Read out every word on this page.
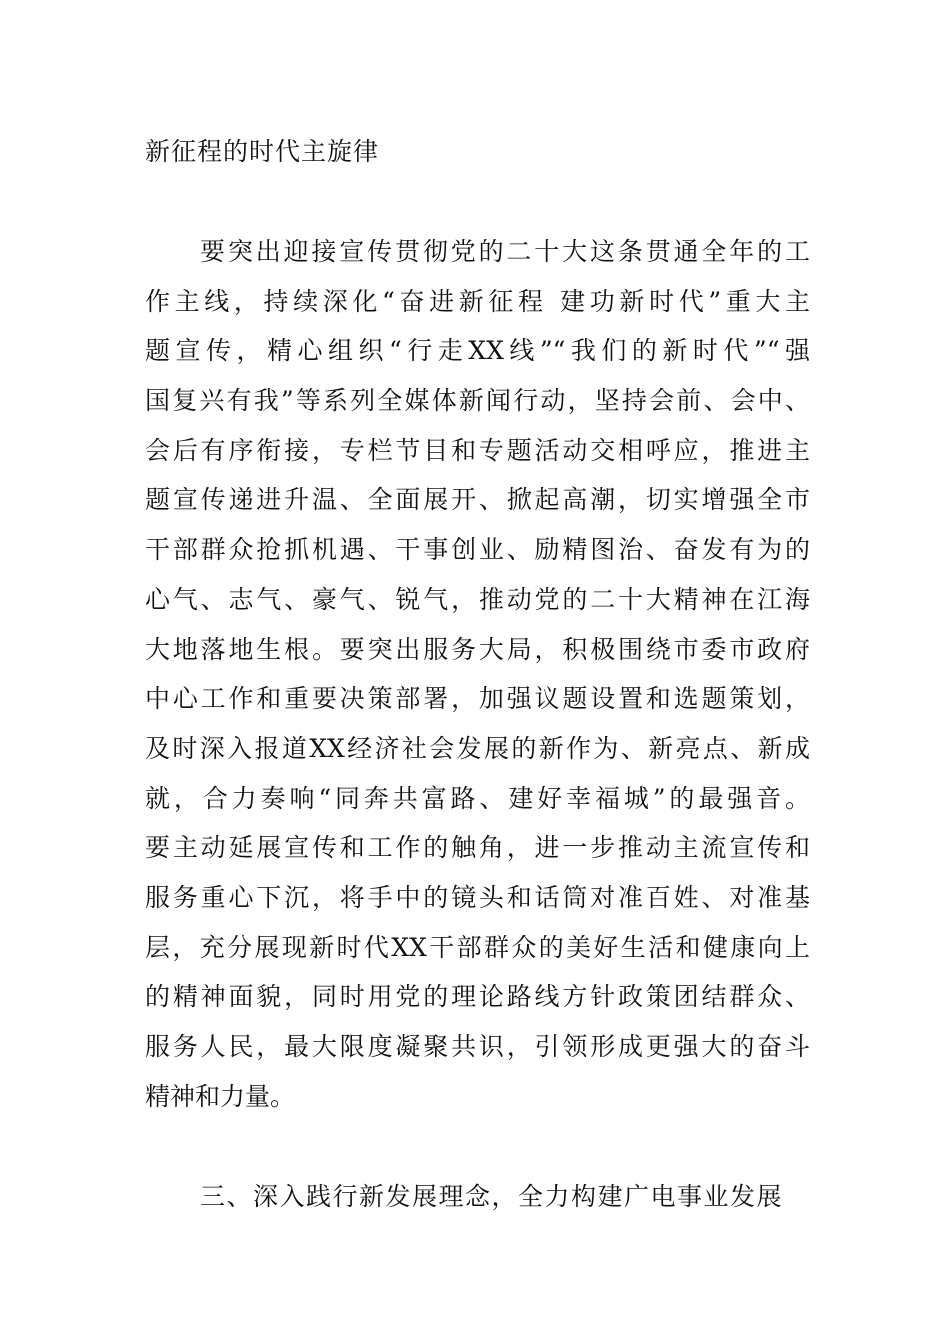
新征程的时代主旋律
要突出迎接宣传贯彻党的二十大这条贯通全年的工
作主线，持续深化“奋进新征程 建功新时代”重大主
题宣传，精心组织“行走XX线”“我们的新时代”“强
国复兴有我”等系列全媒体新闻行动，坚持会前、会中、
会后有序衔接，专栏节目和专题活动交相呼应，推进主
题宣传递进升温、全面展开、掀起高潮，切实增强全市
干部群众抢抓机遇、干事创业、励精图治、奋发有为的
心气、志气、豪气、锐气，推动党的二十大精神在江海
大地落地生根。要突出服务大局，积极围绕市委市政府
中心工作和重要决策部署，加强议题设置和选题策划，
及时深入报道XX经济社会发展的新作为、新亮点、新成
就，合力奏响“同奔共富路、建好幸福城”的最强音。
要主动延展宣传和工作的触角，进一步推动主流宣传和
服务重心下沉，将手中的镜头和话筒对准百姓、对准基
层，充分展现新时代XX干部群众的美好生活和健康向上
的精神面貌，同时用党的理论路线方针政策团结群众、
服务人民，最大限度凝聚共识，引领形成更强大的奋斗
精神和力量。
三、深入践行新发展理念，全力构建广电事业发展
